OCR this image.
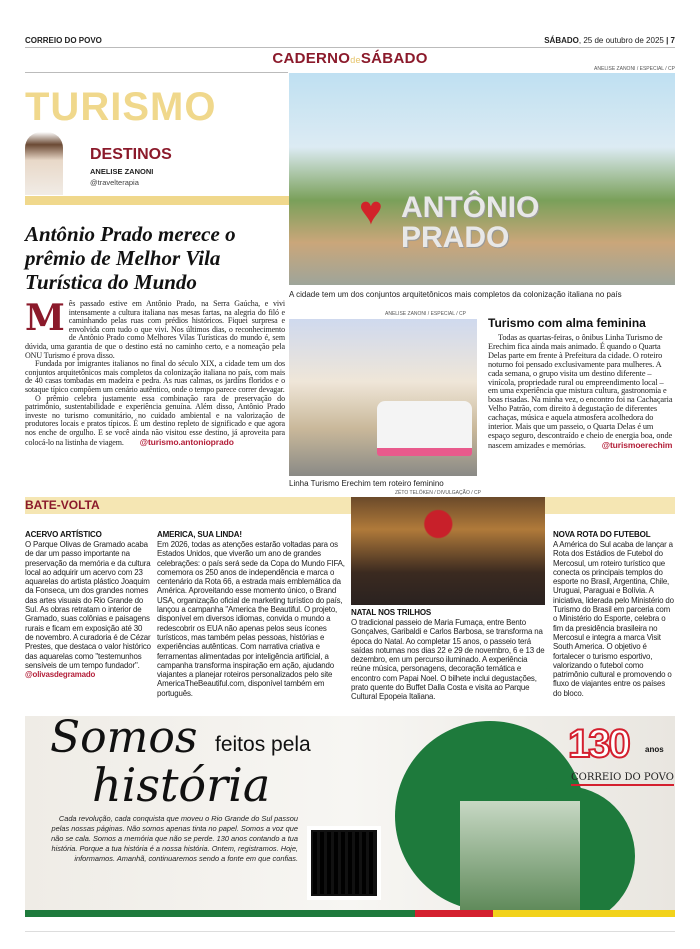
CORREIO DO POVO	SÁBADO, 25 de outubro de 2025 | 7
CADERNOdeSÁBADO
ANELISE ZANONI / ESPECIAL / CP
TURISMO
DESTINOS
ANELISE ZANONI
@travelterapia
♥ ANTÔNIO PRADO
A cidade tem um dos conjuntos arquitetônicos mais completos da colonização italiana no país
Antônio Prado merece o prêmio de Melhor Vila Turística do Mundo

Mês passado estive em Antônio Prado, na Serra Gaúcha, e vivi intensamente a cultura italiana nas mesas fartas, na alegria do filó e caminhando pelas ruas com prédios históricos. Fiquei surpresa e envolvida com tudo o que vivi. Nos últimos dias, o reconhecimento de Antônio Prado como Melhores Vilas Turísticas do mundo é, sem dúvida, uma garantia de que o destino está no caminho certo, e a nomeação pela ONU Turismo é prova disso.

Fundada por imigrantes italianos no final do século XIX, a cidade tem um dos conjuntos arquitetônicos mais completos da colonização italiana no país, com mais de 40 casas tombadas em madeira e pedra. As ruas calmas, os jardins floridos e o sotaque típico compõem um cenário autêntico, onde o tempo parece correr devagar.

O prêmio celebra justamente essa combinação rara de preservação do patrimônio, sustentabilidade e experiência genuína. Além disso, Antônio Prado investe no turismo comunitário, no cuidado ambiental e na valorização de produtores locais e pratos típicos. É um destino repleto de significado e que agora nos enche de orgulho. E se você ainda não visitou esse destino, já aproveita para colocá-lo na listinha de viagem. @turismo.antonioprado

ANELISE ZANONI / ESPECIAL / CP
Linha Turismo Erechim tem roteiro feminino
Turismo com alma feminina

Todas as quartas-feiras, o ônibus Linha Turismo de Erechim fica ainda mais animado. É quando o Quarta Delas parte em frente à Prefeitura da cidade. O roteiro noturno foi pensado exclusivamente para mulheres. A cada semana, o grupo visita um destino diferente – vinícola, propriedade rural ou empreendimento local – em uma experiência que mistura cultura, gastronomia e boas risadas. Na minha vez, o encontro foi na Cachaçaria Velho Patrão, com direito à degustação de diferentes cachaças, música e aquela atmosfera acolhedora do interior. Mais que um passeio, o Quarta Delas é um espaço seguro, descontraído e cheio de energia boa, onde nascem amizades e memórias. @turismoerechim

ZÉTO TELÖKEN / DIVULGAÇÃO / CP
BATE-VOLTA
ACERVO ARTÍSTICO

O Parque Olivas de Gramado acaba de dar um passo importante na preservação da memória e da cultura local ao adquirir um acervo com 23 aquarelas do artista plástico Joaquim da Fonseca, um dos grandes nomes das artes visuais do Rio Grande do Sul. As obras retratam o interior de Gramado, suas colônias e paisagens rurais e ficam em exposição até 30 de novembro. A curadoria é de Cézar Prestes, que destaca o valor histórico das aquarelas como "testemunhos sensíveis de um tempo fundador".

@olivasdegramado

AMERICA, SUA LINDA!

Em 2026, todas as atenções estarão voltadas para os Estados Unidos, que viverão um ano de grandes celebrações: o país será sede da Copa do Mundo FIFA, comemora os 250 anos de independência e marca o centenário da Rota 66, a estrada mais emblemática da América. Aproveitando esse momento único, o Brand USA, organização oficial de marketing turístico do país, lançou a campanha "America the Beautiful. O projeto, disponível em diversos idiomas, convida o mundo a redescobrir os EUA não apenas pelos seus ícones turísticos, mas também pelas pessoas, histórias e experiências autênticas. Com narrativa criativa e ferramentas alimentadas por inteligência artificial, a campanha transforma inspiração em ação, ajudando viajantes a planejar roteiros personalizados pelo site AmericaTheBeautiful.com, disponível também em português.

NATAL NOS TRILHOS

O tradicional passeio de Maria Fumaça, entre Bento Gonçalves, Garibaldi e Carlos Barbosa, se transforma na época do Natal. Ao completar 15 anos, o passeio terá saídas noturnas nos dias 22 e 29 de novembro, 6 e 13 de dezembro, em um percurso iluminado. A experiência reúne música, personagens, decoração temática e encontro com Papai Noel. O bilhete inclui degustações, prato quente do Buffet Dalla Costa e visita ao Parque Cultural Epopeia Italiana.

NOVA ROTA DO FUTEBOL

A América do Sul acaba de lançar a Rota dos Estádios de Futebol do Mercosul, um roteiro turístico que conecta os principais templos do esporte no Brasil, Argentina, Chile, Uruguai, Paraguai e Bolívia. A iniciativa, liderada pelo Ministério do Turismo do Brasil em parceria com o Ministério do Esporte, celebra o fim da presidência brasileira no Mercosul e integra a marca Visit South America. O objetivo é fortalecer o turismo esportivo, valorizando o futebol como patrimônio cultural e promovendo o fluxo de viajantes entre os países do bloco.

Somos feitos pela
história
Cada revolução, cada conquista que moveu o Rio Grande do Sul passou pelas nossas páginas. Não somos apenas tinta no papel. Somos a voz que não se cala. Somos a memória que não se perde. 130 anos contando a tua história. Porque a tua história é a nossa história. Ontem, registramos. Hoje, informamos. Amanhã, continuaremos sendo a fonte em que confias.
130 anos
CORREIO DO POVO
